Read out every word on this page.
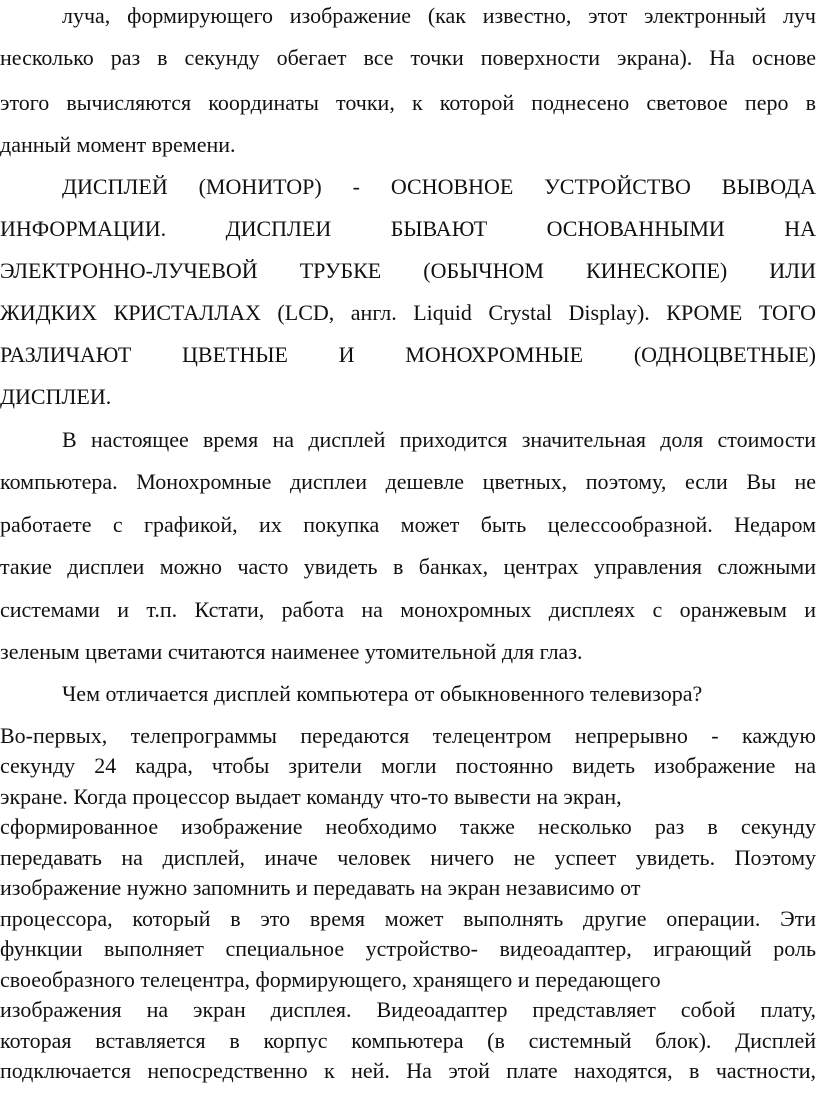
луча, формирующего изображение (как известно, этот электронный луч
несколько раз в секунду обегает все точки поверхности экрана). На основе
этого вычисляются координаты точки, к которой поднесено световое перо в
данный момент времени.
ДИСПЛЕЙ (МОНИТОР) - ОСНОВНОЕ УСТРОЙСТВО ВЫВОДА
ИНФОРМАЦИИ. ДИСПЛЕИ БЫВАЮТ ОСНОВАННЫМИ НА
ЭЛЕКТРОННО-ЛУЧЕВОЙ ТРУБКЕ (ОБЫЧНОМ КИНЕСКОПЕ) ИЛИ
ЖИДКИХ КРИСТАЛЛАХ (LCD, англ. Liquid Crystal Display). КРОМЕ ТОГО
РАЗЛИЧАЮТ ЦВЕТНЫЕ И МОНОХРОМНЫЕ (ОДНОЦВЕТНЫЕ)
ДИСПЛЕИ.
В настоящее время на дисплей приходится значительная доля стоимости
компьютера. Монохромные дисплеи дешевле цветных, поэтому, если Вы не
работаете с графикой, их покупка может быть целессообразной. Недаром
такие дисплеи можно часто увидеть в банках, центрах управления сложными
системами и т.п. Кстати, работа на монохромных дисплеях с оранжевым и
зеленым цветами считаются наименее утомительной для глаз.
Чем отличается дисплей компьютера от обыкновенного телевизора?
Во-первых, телепрограммы передаются телецентром непрерывно - каждую
секунду 24 кадра, чтобы зрители могли постоянно видеть изображение на
экране. Когда процессор выдает команду что-то вывести на экран,
сформированное изображение необходимо также несколько раз в секунду
передавать на дисплей, иначе человек ничего не успеет увидеть. Поэтому
изображение нужно запомнить и передавать на экран независимо от
процессора, который в это время может выполнять другие операции. Эти
функции выполняет специальное устройство- видеоадаптер, играющий роль
своеобразного телецентра, формирующего, хранящего и передающего
изображения на экран дисплея. Видеоадаптер представляет собой плату,
которая вставляется в корпус компьютера (в системный блок). Дисплей
подключается непосредственно к ней. На этой плате находятся, в частности,
